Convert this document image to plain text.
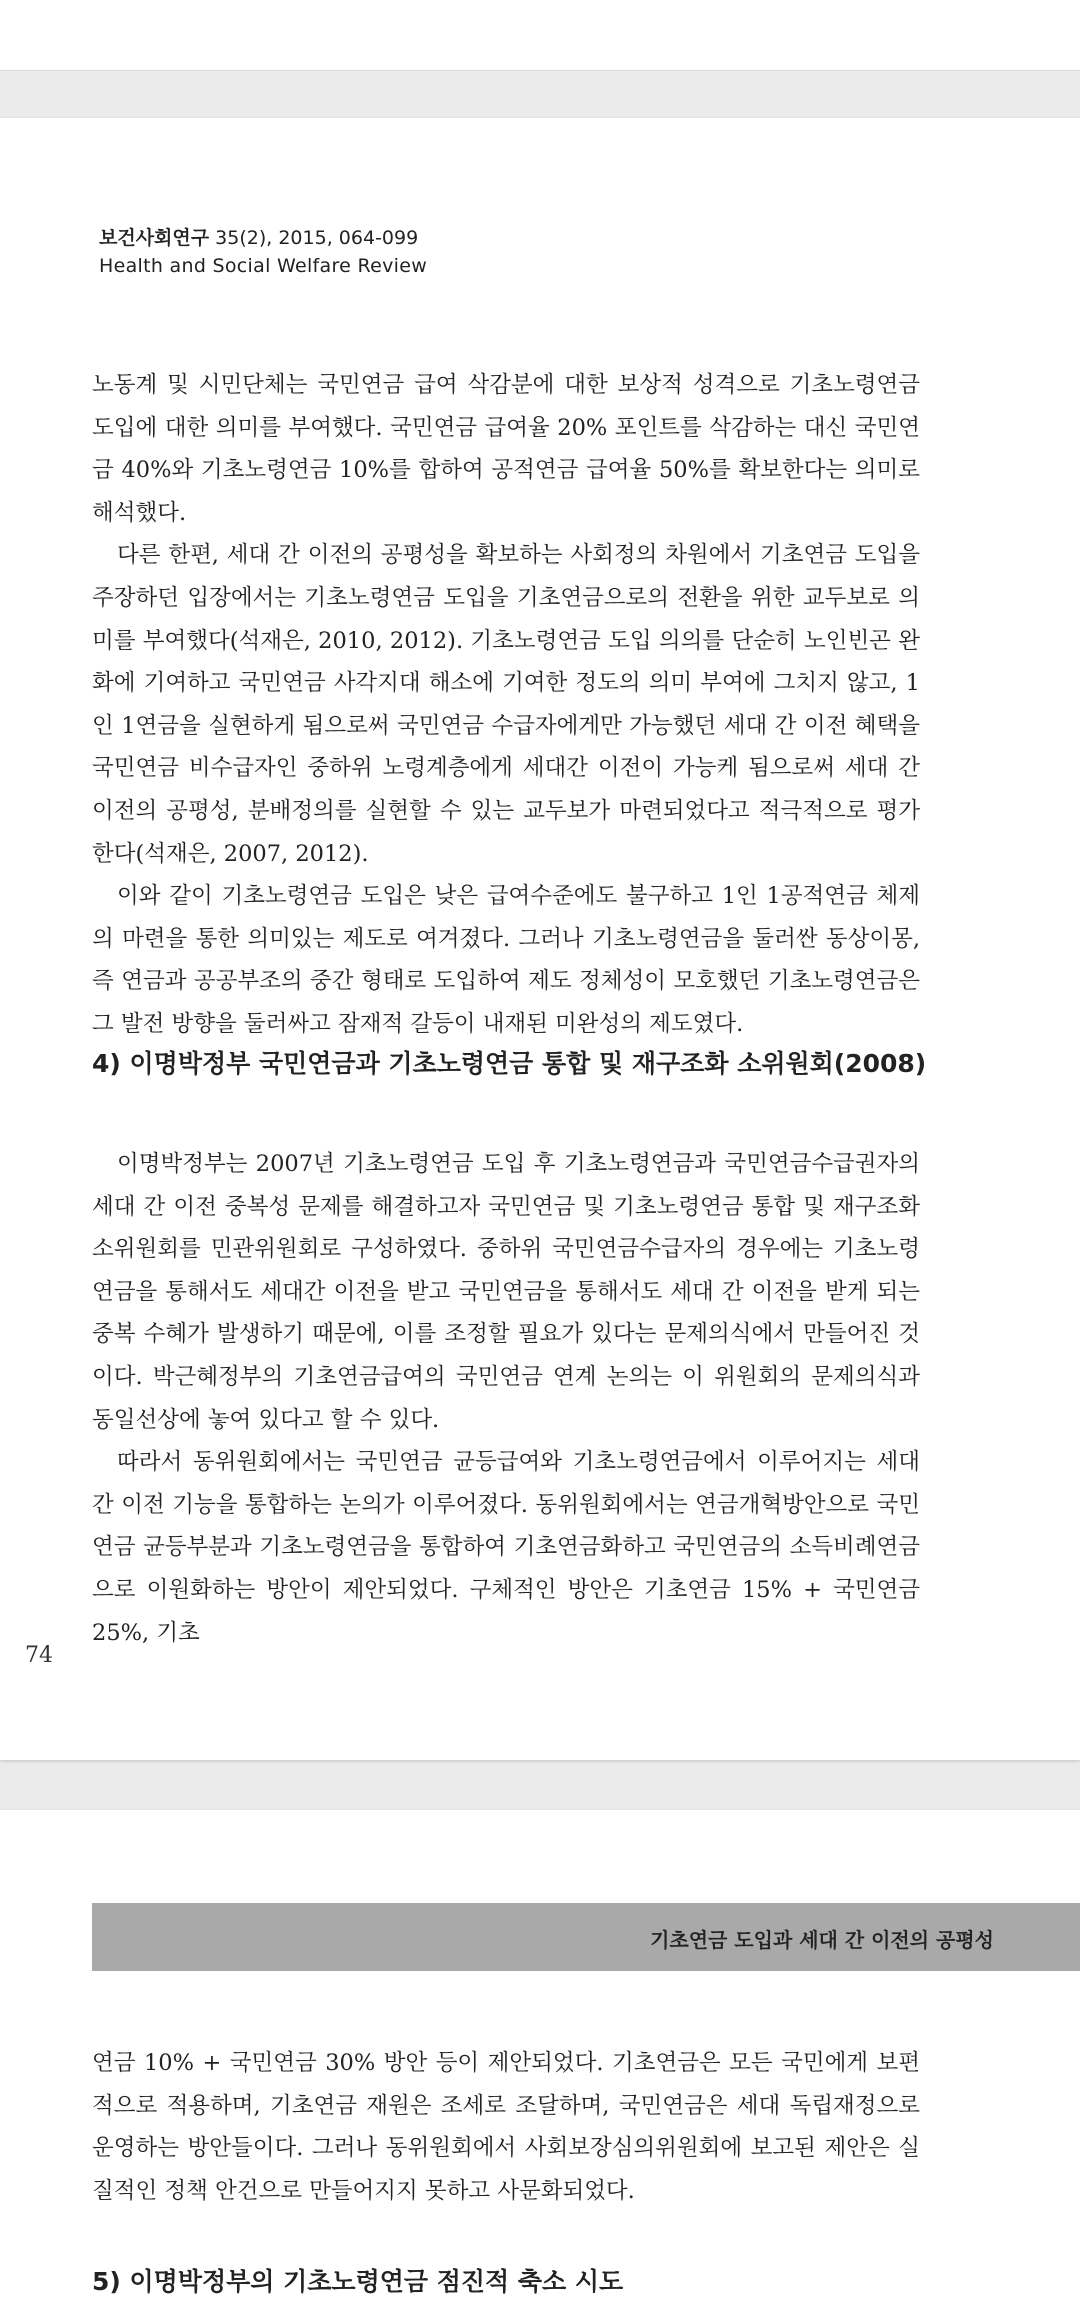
보건사회연구 35(2), 2015, 064-099
Health and Social Welfare Review

노동계 및 시민단체는 국민연금 급여 삭감분에 대한 보상적 성격으로 기초노령연금 도입에 대한 의미를 부여했다. 국민연금 급여율 20% 포인트를 삭감하는 대신 국민연금 40%와 기초노령연금 10%를 합하여 공적연금 급여율 50%를 확보한다는 의미로 해석했다.

다른 한편, 세대 간 이전의 공평성을 확보하는 사회정의 차원에서 기초연금 도입을 주장하던 입장에서는 기초노령연금 도입을 기초연금으로의 전환을 위한 교두보로 의미를 부여했다(석재은, 2010, 2012). 기초노령연금 도입 의의를 단순히 노인빈곤 완화에 기여하고 국민연금 사각지대 해소에 기여한 정도의 의미 부여에 그치지 않고, 1인 1연금을 실현하게 됨으로써 국민연금 수급자에게만 가능했던 세대 간 이전 혜택을 국민연금 비수급자인 중하위 노령계층에게 세대간 이전이 가능케 됨으로써 세대 간 이전의 공평성, 분배정의를 실현할 수 있는 교두보가 마련되었다고 적극적으로 평가 한다(석재은, 2007, 2012).

이와 같이 기초노령연금 도입은 낮은 급여수준에도 불구하고 1인 1공적연금 체제의 마련을 통한 의미있는 제도로 여겨졌다. 그러나 기초노령연금을 둘러싼 동상이몽, 즉 연금과 공공부조의 중간 형태로 도입하여 제도 정체성이 모호했던 기초노령연금은 그 발전 방향을 둘러싸고 잠재적 갈등이 내재된 미완성의 제도였다.

4) 이명박정부 국민연금과 기초노령연금 통합 및 재구조화 소위원회(2008)

이명박정부는 2007년 기초노령연금 도입 후 기초노령연금과 국민연금수급권자의 세대 간 이전 중복성 문제를 해결하고자 국민연금 및 기초노령연금 통합 및 재구조화 소위원회를 민관위원회로 구성하였다. 중하위 국민연금수급자의 경우에는 기초노령 연금을 통해서도 세대간 이전을 받고 국민연금을 통해서도 세대 간 이전을 받게 되는 중복 수혜가 발생하기 때문에, 이를 조정할 필요가 있다는 문제의식에서 만들어진 것이다. 박근혜정부의 기초연금급여의 국민연금 연계 논의는 이 위원회의 문제의식과 동일선상에 놓여 있다고 할 수 있다.

따라서 동위원회에서는 국민연금 균등급여와 기초노령연금에서 이루어지는 세대 간 이전 기능을 통합하는 논의가 이루어졌다. 동위원회에서는 연금개혁방안으로 국민연금 균등부분과 기초노령연금을 통합하여 기초연금화하고 국민연금의 소득비례연금으로 이원화하는 방안이 제안되었다. 구체적인 방안은 기초연금 15% + 국민연금 25%, 기초

74
기초연금 도입과 세대 간 이전의 공평성

연금 10% + 국민연금 30% 방안 등이 제안되었다. 기초연금은 모든 국민에게 보편적으로 적용하며, 기초연금 재원은 조세로 조달하며, 국민연금은 세대 독립재정으로 운영하는 방안들이다. 그러나 동위원회에서 사회보장심의위원회에 보고된 제안은 실질적인 정책 안건으로 만들어지지 못하고 사문화되었다.

5) 이명박정부의 기초노령연금 점진적 축소 시도
